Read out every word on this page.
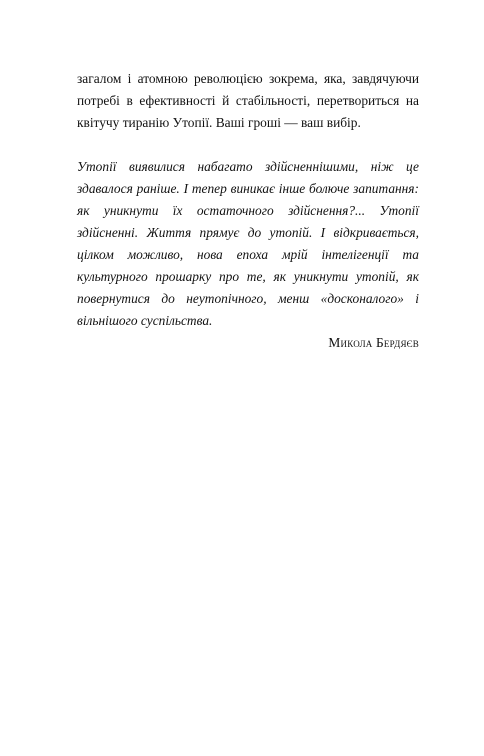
загалом і атомною революцією зокрема, яка, завдячуючи потребі в ефективності й стабільності, перетвориться на квітучу тиранію Утопії. Ваші гроші — ваш вибір.

Утопії виявилися набагато здійсненнішими, ніж це здавалося раніше. І тепер виникає інше болюче запитання: як уникнути їх остаточного здійснення?... Утопії здійсненні. Життя прямує до утопій. І відкривається, цілком можливо, нова епоха мрій інтелігенції та культурного прошарку про те, як уникнути утопій, як повернутися до неутопічного, менш «досконалого» і вільнішого суспільства.

Микола Бердяєв
